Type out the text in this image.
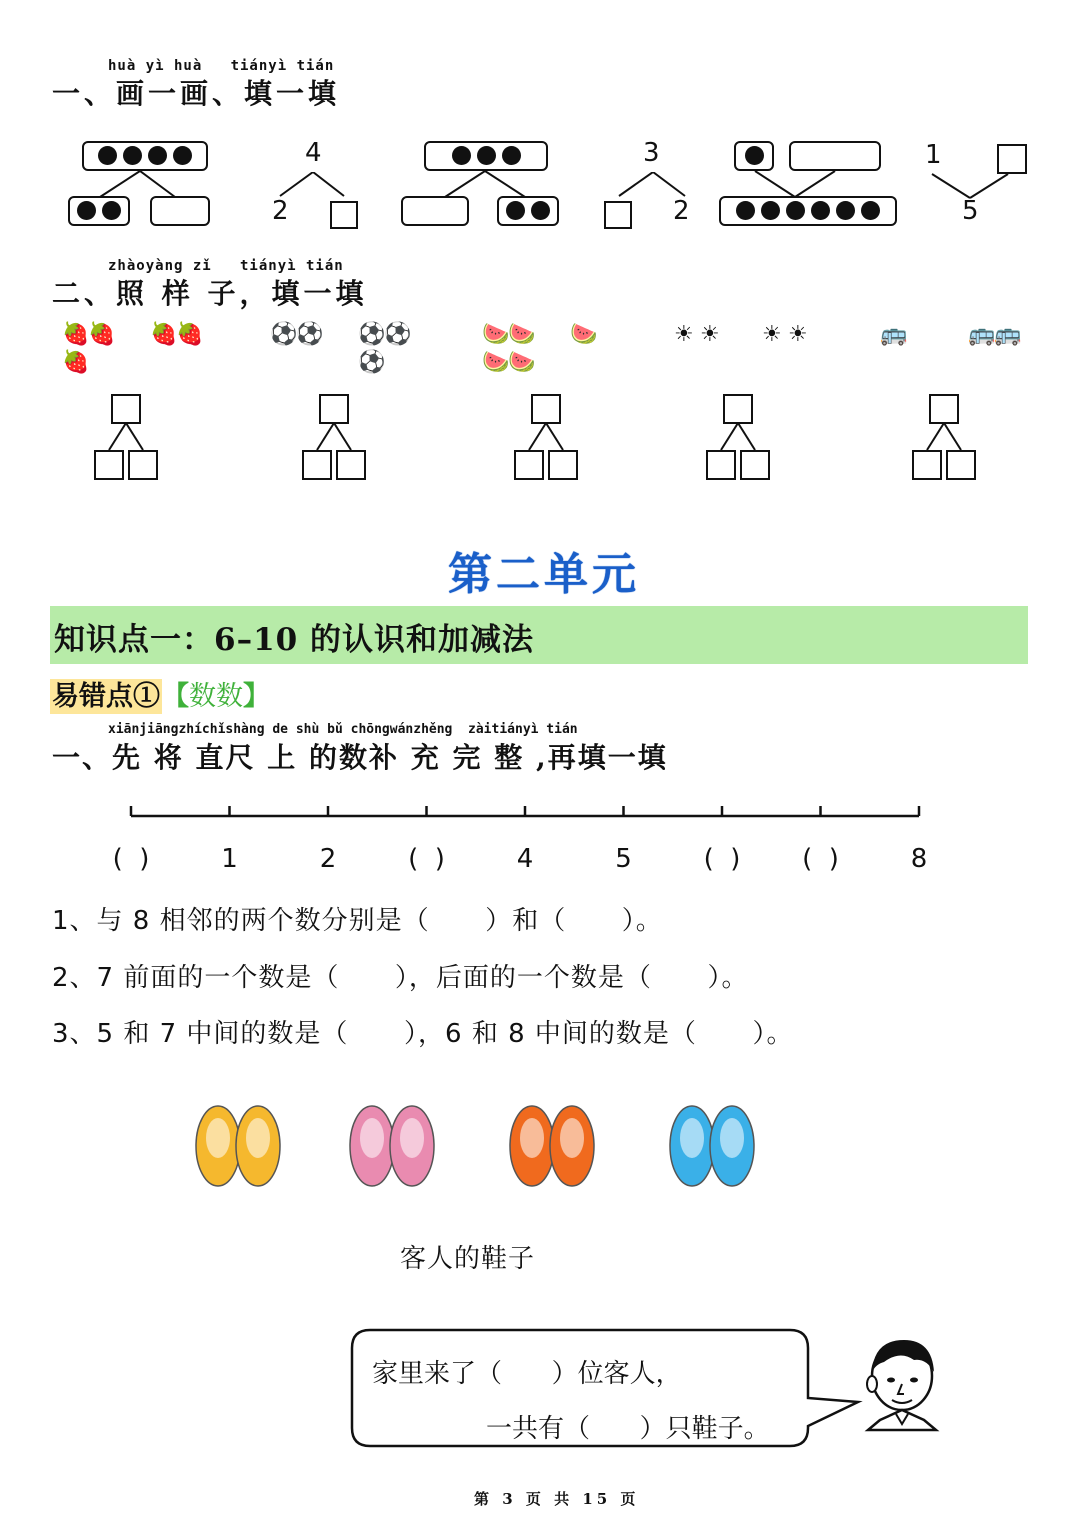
huà yì huà   tiányì tián
一、画一画、填一填
4
2
3
2
1
5
zhàoyàng zǐ   tiányì tián
二、照 样 子，填一填
🍓
🍓
🍓
🍓
🍓	⚽
⚽ ⚽
⚽
⚽
🍉
🍉
🍉
🍉
🍉	☀ ☀ ☀ ☀	🚌	🚌
🚌
第二单元
知识点一：6–10 的认识和加减法
易错点①【数数】
xiānjiāngzhíchǐshàng de shù bǔ chōngwánzhěng  zàitiányì tián
一、先 将 直尺 上 的数补 充 完 整 ,再填一填
(  )	1	2	(  )	4	5	(  )	(  )	8
1、与 8 相邻的两个数分别是（      ）和（      ）。
2、7 前面的一个数是（      ），后面的一个数是（      ）。
3、5 和 7 中间的数是（      ），6 和 8 中间的数是（      ）。
客人的鞋子
家里来了（      ）位客人，
一共有（      ）只鞋子。
第 3 页 共 15 页
